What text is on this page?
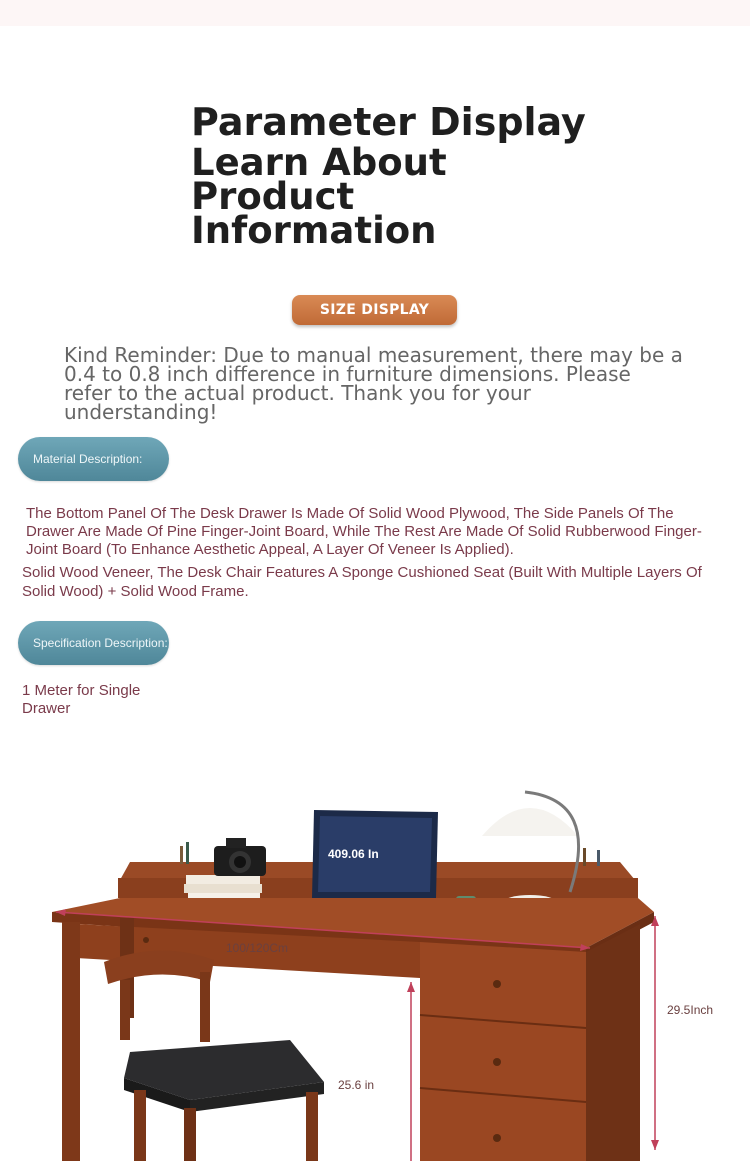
Parameter Display
Learn About Product Information
SIZE DISPLAY

Kind Reminder: Due to manual measurement, there may be a 0.4 to 0.8 inch difference in furniture dimensions. Please refer to the actual product. Thank you for your understanding!

Material Description:

The Bottom Panel Of The Desk Drawer Is Made Of Solid Wood Plywood, The Side Panels Of The Drawer Are Made Of Pine Finger-Joint Board, While The Rest Are Made Of Solid Rubberwood Finger-Joint Board (To Enhance Aesthetic Appeal, A Layer Of Veneer Is Applied).

Solid Wood Veneer, The Desk Chair Features A Sponge Cushioned Seat (Built With Multiple Layers Of Solid Wood) + Solid Wood Frame.

Specification Description:

1 Meter for Single Drawer

409.06 In
100/120Cm
29.5Inch
25.6 in
